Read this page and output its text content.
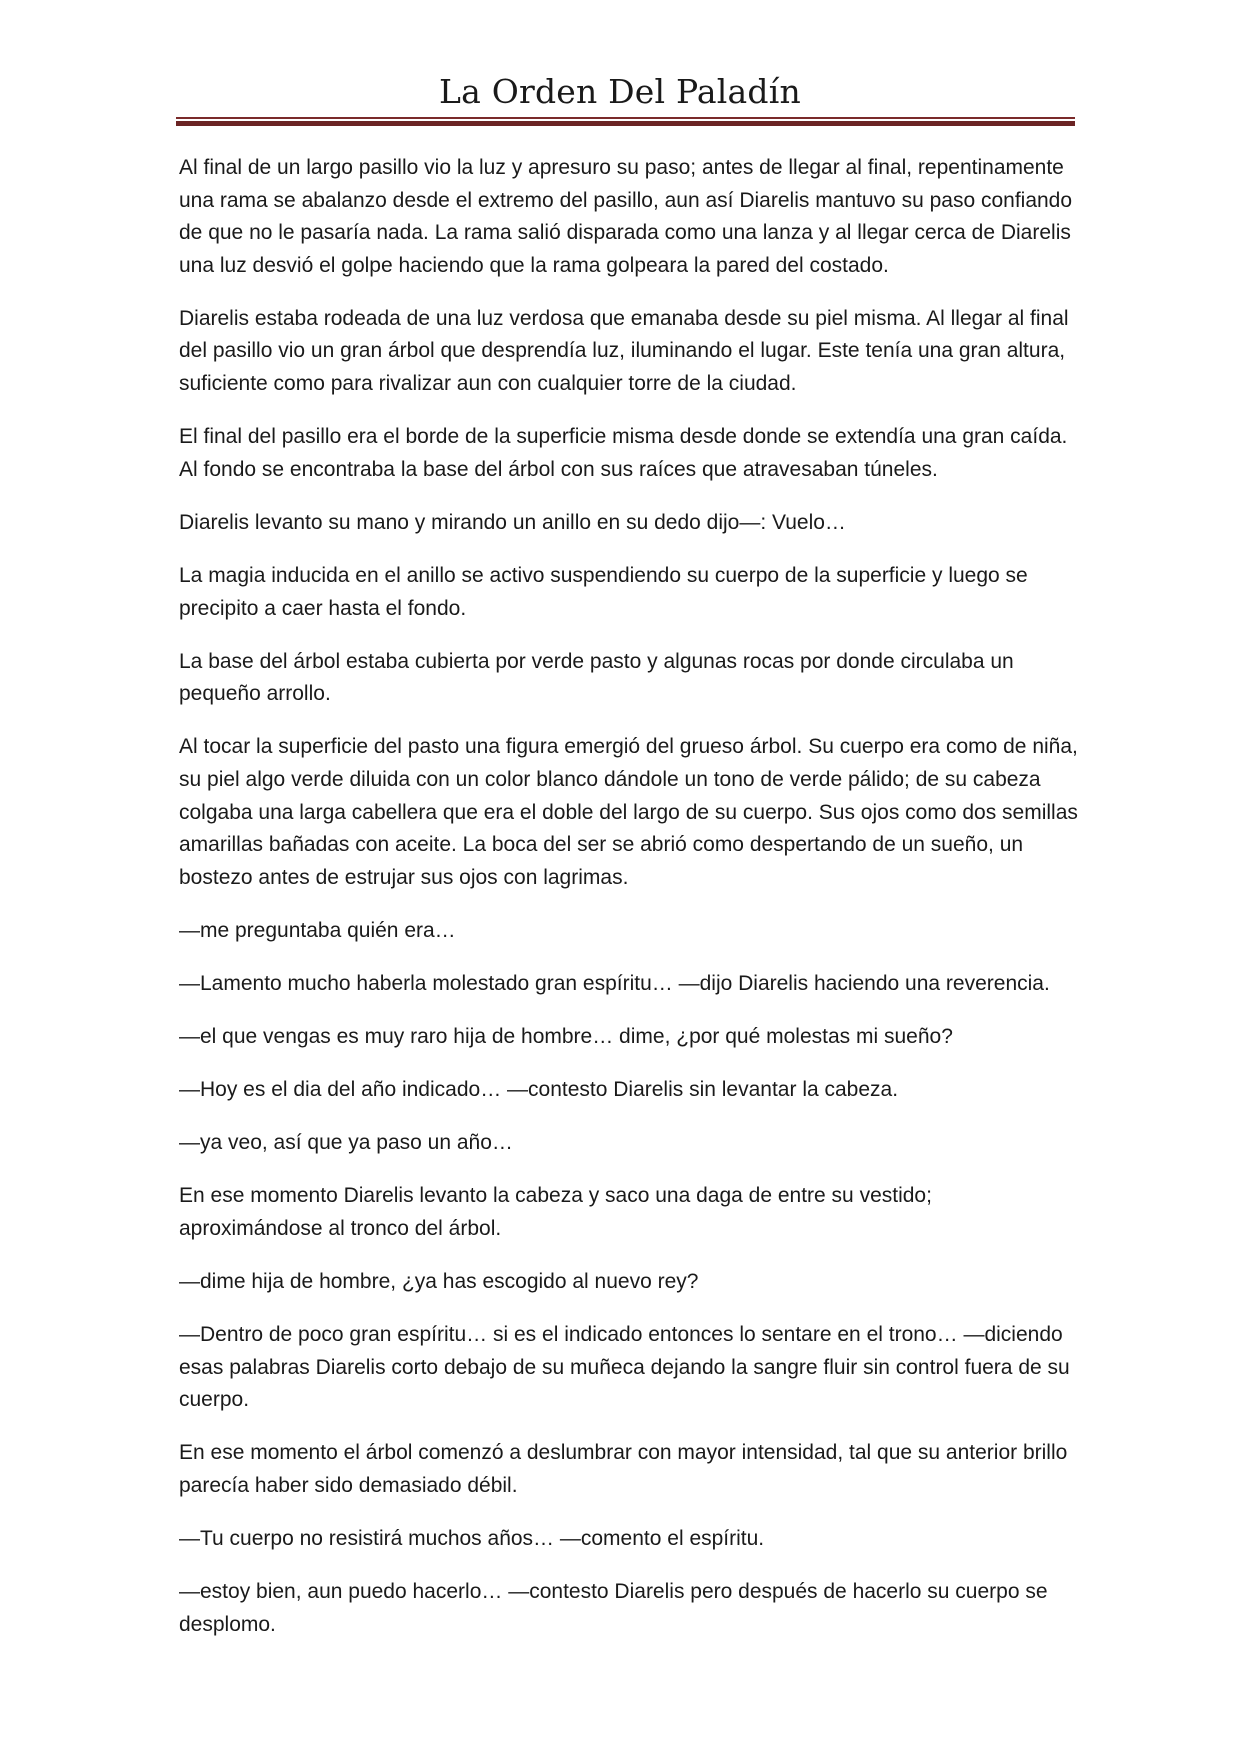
La Orden Del Paladín

Al final de un largo pasillo vio la luz y apresuro su paso; antes de llegar al final, repentinamente una rama se abalanzo desde el extremo del pasillo, aun así Diarelis mantuvo su paso confiando de que no le pasaría nada. La rama salió disparada como una lanza y al llegar cerca de Diarelis una luz desvió el golpe haciendo que la rama golpeara la pared del costado.

Diarelis estaba rodeada de una luz verdosa que emanaba desde su piel misma. Al llegar al final del pasillo vio un gran árbol que desprendía luz, iluminando el lugar. Este tenía una gran altura, suficiente como para rivalizar aun con cualquier torre de la ciudad.

El final del pasillo era el borde de la superficie misma desde donde se extendía una gran caída. Al fondo se encontraba la base del árbol con sus raíces que atravesaban túneles.

Diarelis levanto su mano y mirando un anillo en su dedo dijo—: Vuelo…

La magia inducida en el anillo se activo suspendiendo su cuerpo de la superficie y luego se precipito a caer hasta el fondo.

La base del árbol estaba cubierta por verde pasto y algunas rocas por donde circulaba un pequeño arrollo.

Al tocar la superficie del pasto una figura emergió del grueso árbol. Su cuerpo era como de niña, su piel algo verde diluida con un color blanco dándole un tono de verde pálido; de su cabeza colgaba una larga cabellera que era el doble del largo de su cuerpo. Sus ojos como dos semillas amarillas bañadas con aceite. La boca del ser se abrió como despertando de un sueño, un bostezo antes de estrujar sus ojos con lagrimas.

—me preguntaba quién era…

—Lamento mucho haberla molestado gran espíritu… —dijo Diarelis haciendo una reverencia.

—el que vengas es muy raro hija de hombre… dime, ¿por qué molestas mi sueño?

—Hoy es el dia del año indicado… —contesto Diarelis sin levantar la cabeza.

—ya veo, así que ya paso un año…

En ese momento Diarelis levanto la cabeza y saco una daga de entre su vestido; aproximándose al tronco del árbol.

—dime hija de hombre, ¿ya has escogido al nuevo rey?

—Dentro de poco gran espíritu… si es el indicado entonces lo sentare en el trono… —diciendo esas palabras Diarelis corto debajo de su muñeca dejando la sangre fluir sin control fuera de su cuerpo.

En ese momento el árbol comenzó a deslumbrar con mayor intensidad, tal que su anterior brillo parecía haber sido demasiado débil.

—Tu cuerpo no resistirá muchos años… —comento el espíritu.

—estoy bien, aun puedo hacerlo… —contesto Diarelis pero después de hacerlo su cuerpo se desplomo.
